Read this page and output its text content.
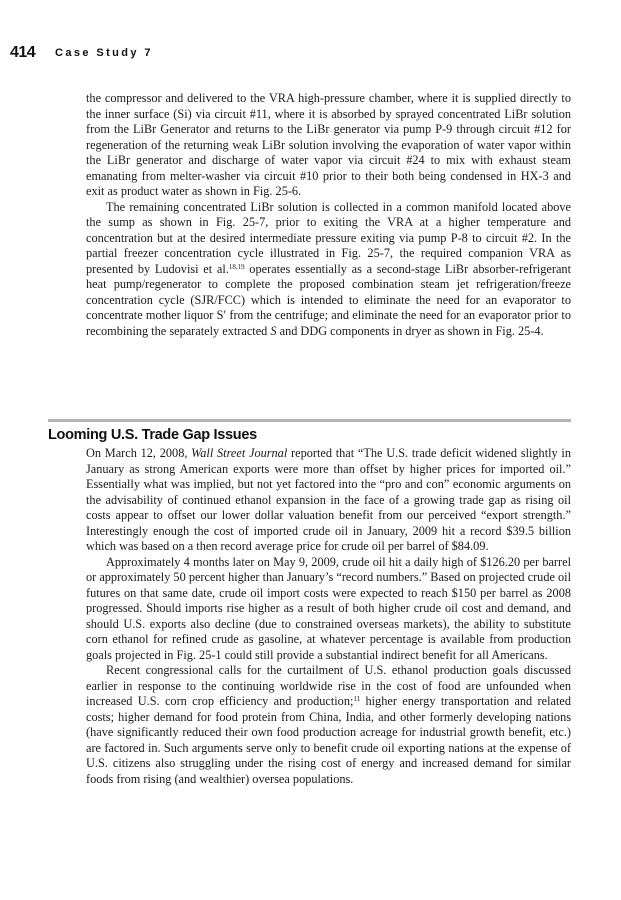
414 Case Study 7

the compressor and delivered to the VRA high-pressure chamber, where it is supplied directly to the inner surface (Si) via circuit #11, where it is absorbed by sprayed concentrated LiBr solution from the LiBr Generator and returns to the LiBr generator via pump P-9 through circuit #12 for regeneration of the returning weak LiBr solution involving the evaporation of water vapor within the LiBr generator and discharge of water vapor via circuit #24 to mix with exhaust steam emanating from melter-washer via circuit #10 prior to their both being condensed in HX-3 and exit as product water as shown in Fig. 25-6.

The remaining concentrated LiBr solution is collected in a common manifold located above the sump as shown in Fig. 25-7, prior to exiting the VRA at a higher temperature and concentration but at the desired intermediate pressure exiting via pump P-8 to circuit #2. In the partial freezer concentration cycle illustrated in Fig. 25-7, the required companion VRA as presented by Ludovisi et al.$^{18,19}$ operates essentially as a second-stage LiBr absorber-refrigerant heat pump/regenerator to complete the proposed combination steam jet refrigeration/freeze concentration cycle (SJR/FCC) which is intended to eliminate the need for an evaporator to concentrate mother liquor S′ from the centrifuge; and eliminate the need for an evaporator prior to recombining the separately extracted S and DDG components in dryer as shown in Fig. 25-4.

Looming U.S. Trade Gap Issues

On March 12, 2008, Wall Street Journal reported that “The U.S. trade deficit widened slightly in January as strong American exports were more than offset by higher prices for imported oil.” Essentially what was implied, but not yet factored into the “pro and con” economic arguments on the advisability of continued ethanol expansion in the face of a growing trade gap as rising oil costs appear to offset our lower dollar valuation benefit from our perceived “export strength.” Interestingly enough the cost of imported crude oil in January, 2009 hit a record $39.5 billion which was based on a then record average price for crude oil per barrel of $84.09.

Approximately 4 months later on May 9, 2009, crude oil hit a daily high of $126.20 per barrel or approximately 50 percent higher than January’s “record numbers.” Based on projected crude oil futures on that same date, crude oil import costs were expected to reach $150 per barrel as 2008 progressed. Should imports rise higher as a result of both higher crude oil cost and demand, and should U.S. exports also decline (due to constrained overseas markets), the ability to substitute corn ethanol for refined crude as gasoline, at whatever percentage is available from production goals projected in Fig. 25-1 could still provide a substantial indirect benefit for all Americans.

Recent congressional calls for the curtailment of U.S. ethanol production goals discussed earlier in response to the continuing worldwide rise in the cost of food are unfounded when increased U.S. corn crop efficiency and production;$^{11}$ higher energy transportation and related costs; higher demand for food protein from China, India, and other formerly developing nations (have significantly reduced their own food production acreage for industrial growth benefit, etc.) are factored in. Such arguments serve only to benefit crude oil exporting nations at the expense of U.S. citizens also struggling under the rising cost of energy and increased demand for similar foods from rising (and wealthier) oversea populations.
